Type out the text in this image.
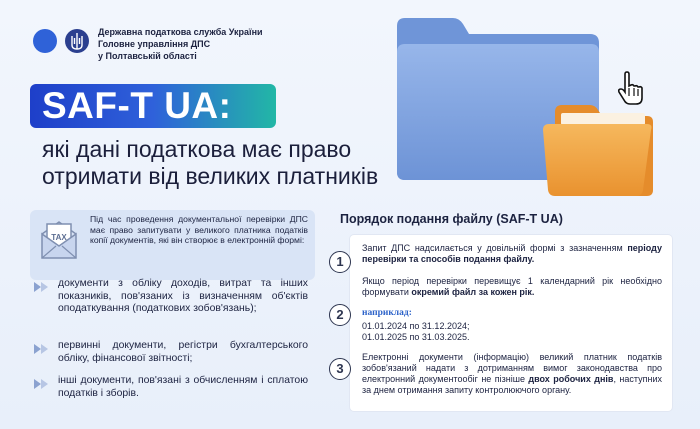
Державна податкова служба України
Головне управління ДПС
у Полтавській області
SAF-T UA:
які дані податкова має право
отримати від великих платників
TAX
Під час проведення документальної перевірки ДПС має право запитувати у великого платника податків копії документів, які він створює в електронній формі:
документи з обліку доходів, витрат та інших показників, пов'язаних із визначенням об'єктів оподаткування (податкових зобов'язань);
первинні документи, регістри бухгалтерського обліку, фінансової звітності;
інші документи, пов'язані з обчисленням і сплатою податків і зборів.
Порядок подання файлу (SAF-T UA)
1
2
3
Запит ДПС надсилається у довільній формі з зазначенням періоду перевірки та способів подання файлу.
Якщо період перевірки перевищує 1 календарний рік необхідно формувати окремий файл за кожен рік.
наприклад:
01.01.2024 по 31.12.2024;
01.01.2025 по 31.03.2025.
Електронні документи (інформацію) великий платник податків зобов'язаний надати з дотриманням вимог законодавства про електронний документообіг не пізніше двох робочих днів, наступних за днем отримання запиту контролюючого органу.
